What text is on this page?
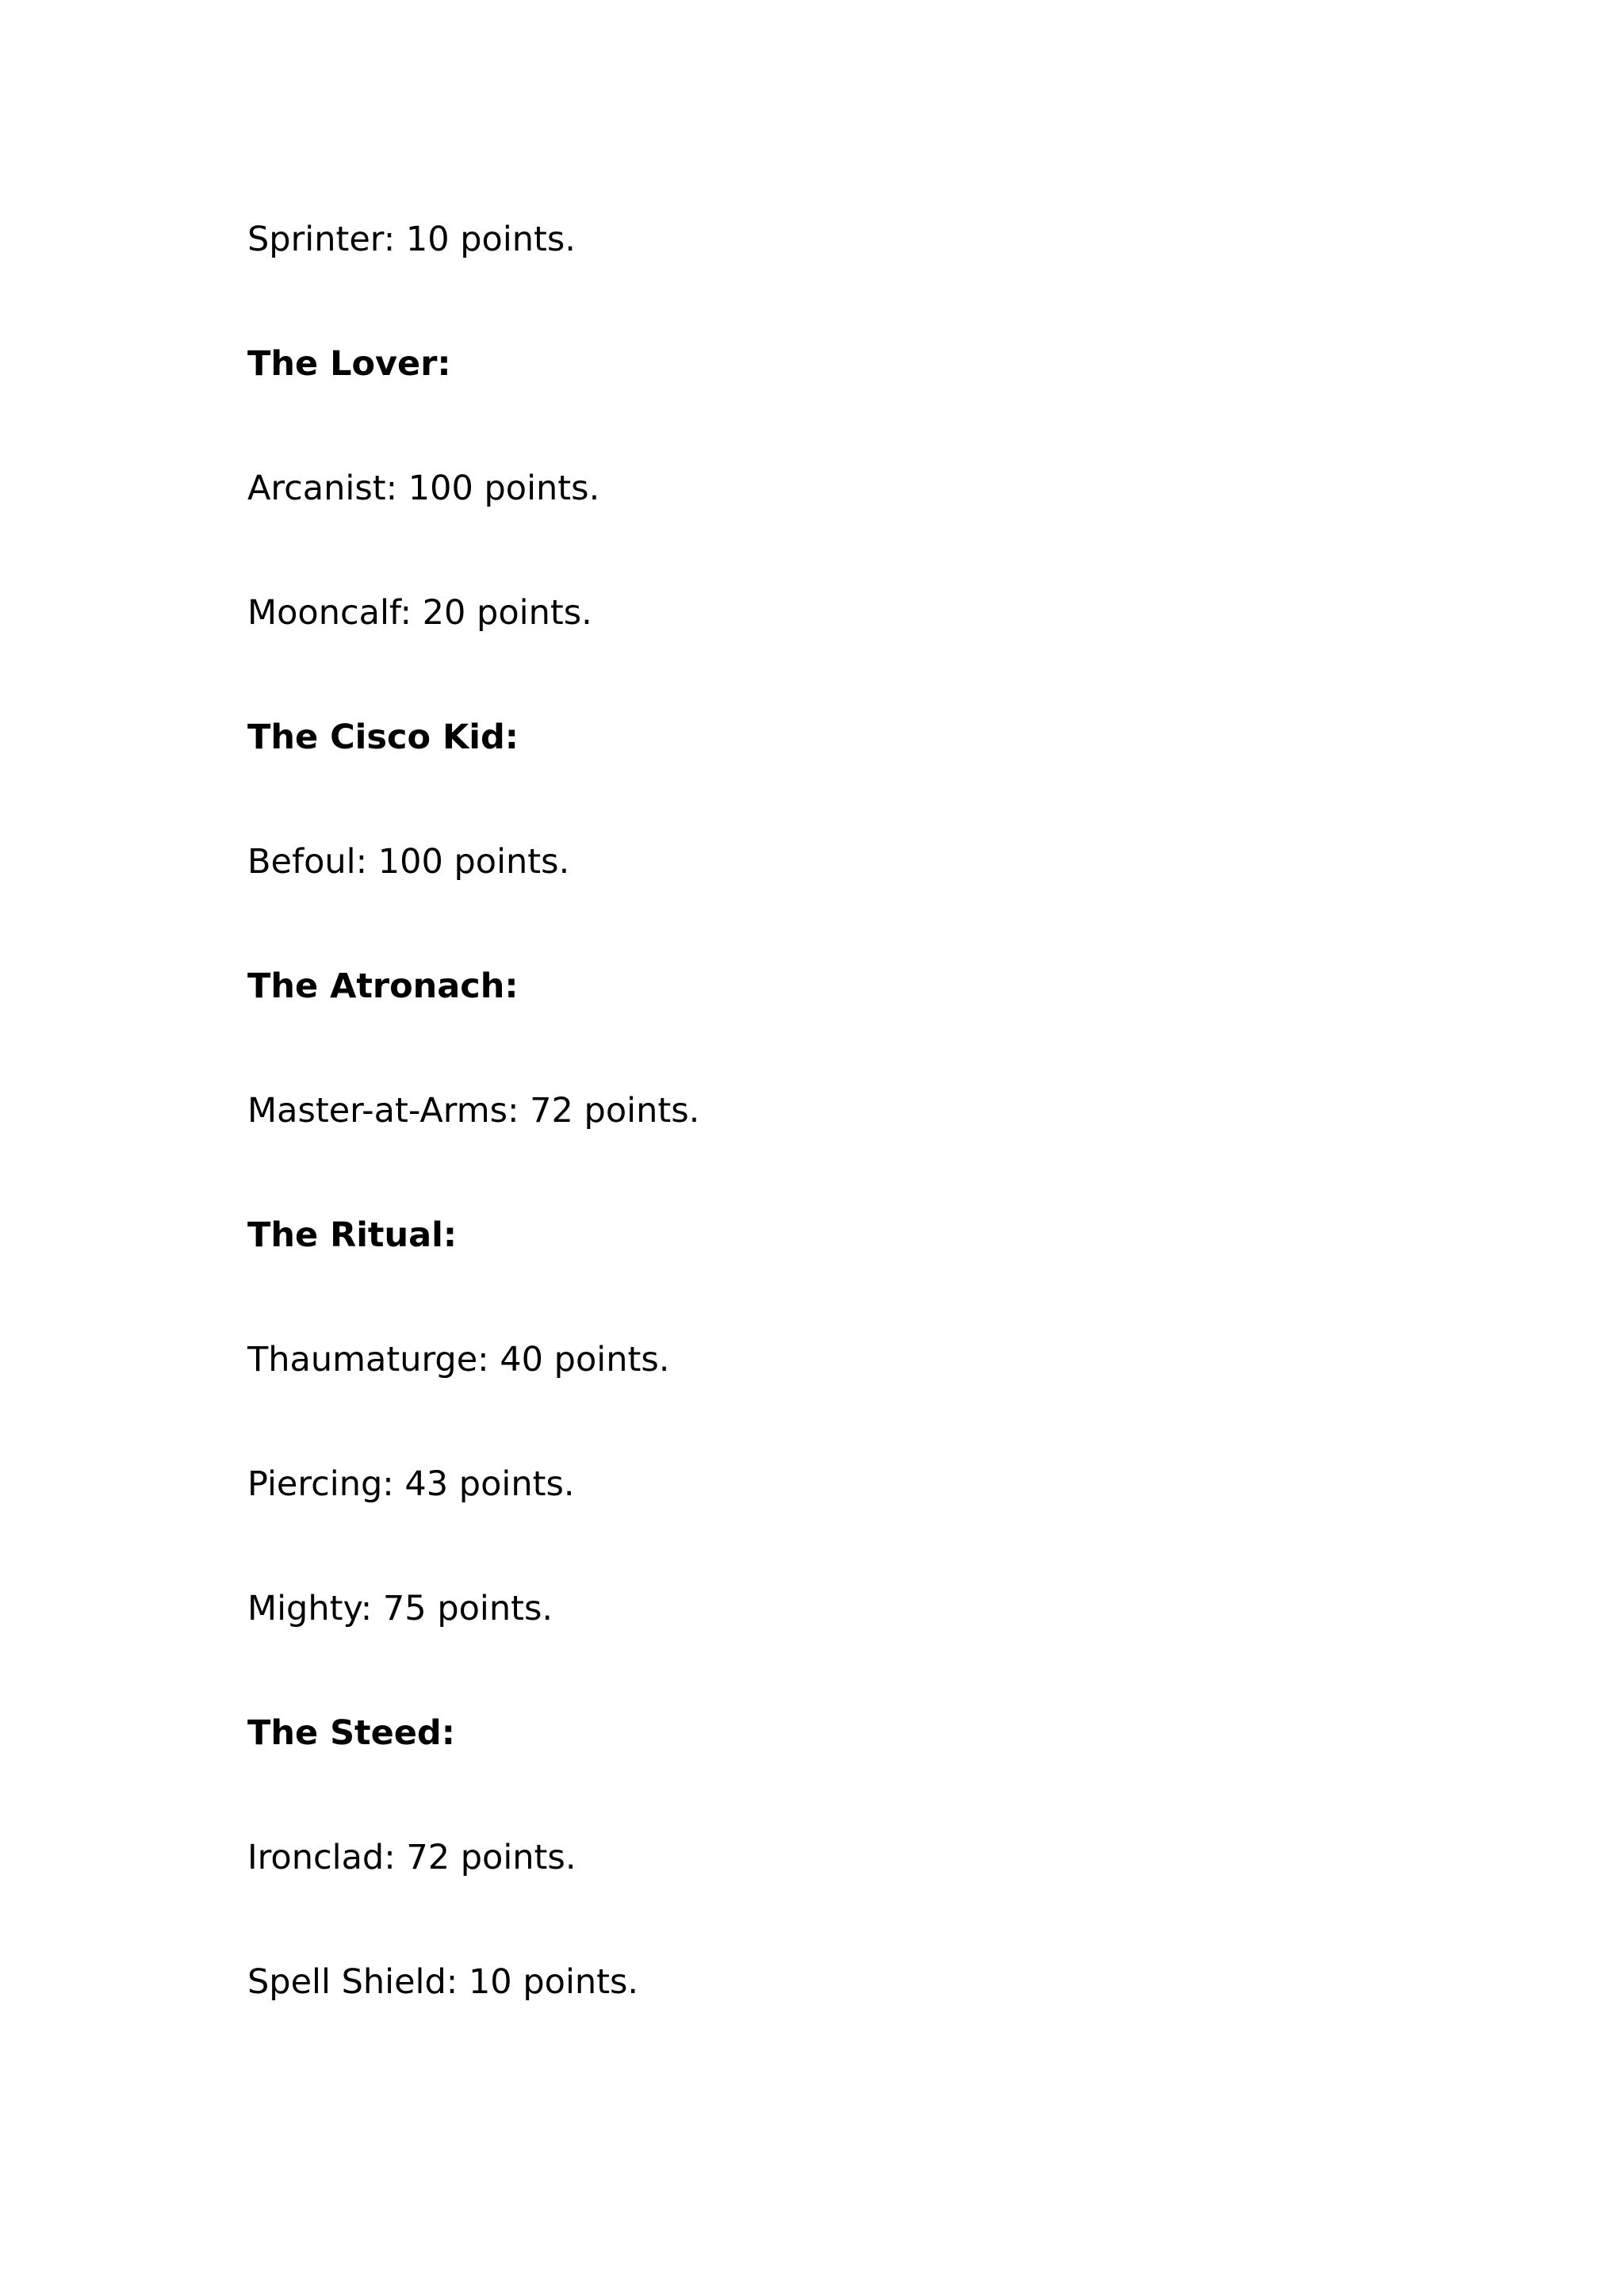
Sprinter: 10 points.

The Lover:

Arcanist: 100 points.

Mooncalf: 20 points.

The Cisco Kid:

Befoul: 100 points.

The Atronach:

Master-at-Arms: 72 points.

The Ritual:

Thaumaturge: 40 points.

Piercing: 43 points.

Mighty: 75 points.

The Steed:

Ironclad: 72 points.

Spell Shield: 10 points.
